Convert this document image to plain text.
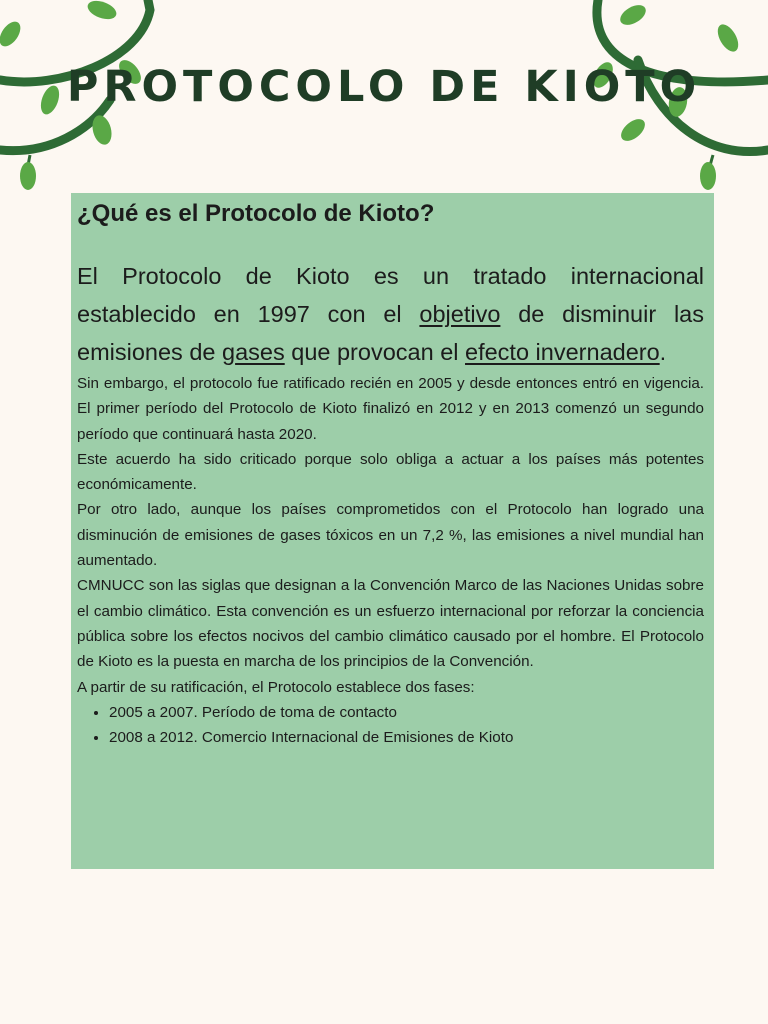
PROTOCOLO DE KIOTO
¿Qué es el Protocolo de Kioto?

El Protocolo de Kioto es un tratado internacional establecido en 1997 con el objetivo de disminuir las emisiones de gases que provocan el efecto invernadero.

Sin embargo, el protocolo fue ratificado recién en 2005 y desde entonces entró en vigencia. El primer período del Protocolo de Kioto finalizó en 2012 y en 2013 comenzó un segundo período que continuará hasta 2020.

Este acuerdo ha sido criticado porque solo obliga a actuar a los países más potentes económicamente.

Por otro lado, aunque los países comprometidos con el Protocolo han logrado una disminución de emisiones de gases tóxicos en un 7,2 %, las emisiones a nivel mundial han aumentado.

CMNUCC son las siglas que designan a la Convención Marco de las Naciones Unidas sobre el cambio climático. Esta convención es un esfuerzo internacional por reforzar la conciencia pública sobre los efectos nocivos del cambio climático causado por el hombre. El Protocolo de Kioto es la puesta en marcha de los principios de la Convención.

A partir de su ratificación, el Protocolo establece dos fases:

• 2005 a 2007. Período de toma de contacto
• 2008 a 2012. Comercio Internacional de Emisiones de Kioto
